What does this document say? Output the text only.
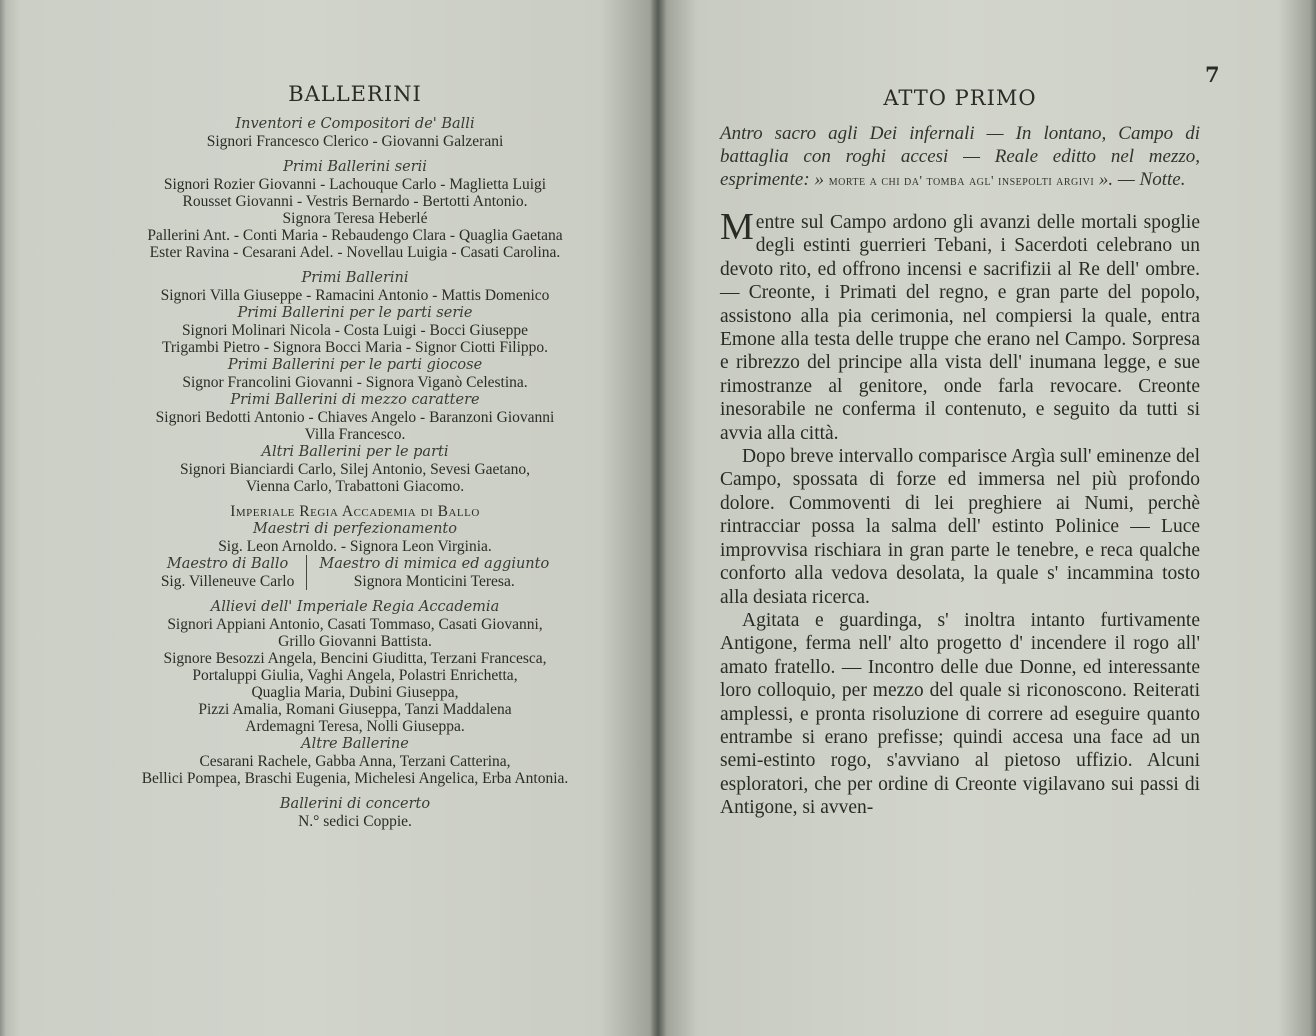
BALLERINI
Inventori e Compositori de' Balli
Signori Francesco Clerico - Giovanni Galzerani
Primi Ballerini serii
Signori Rozier Giovanni - Lachouque Carlo - Maglietta Luigi
Rousset Giovanni - Vestris Bernardo - Bertotti Antonio.
Signora Teresa Heberlé
Pallerini Ant. - Conti Maria - Rebaudengo Clara - Quaglia Gaetana
Ester Ravina - Cesarani Adel. - Novellau Luigia - Casati Carolina.
Primi Ballerini
Signori Villa Giuseppe - Ramacini Antonio - Mattis Domenico
Primi Ballerini per le parti serie
Signori Molinari Nicola - Costa Luigi - Bocci Giuseppe
Trigambi Pietro - Signora Bocci Maria - Signor Ciotti Filippo.
Primi Ballerini per le parti giocose
Signor Francolini Giovanni - Signora Viganò Celestina.
Primi Ballerini di mezzo carattere
Signori Bedotti Antonio - Chiaves Angelo - Baranzoni Giovanni
Villa Francesco.
Altri Ballerini per le parti
Signori Bianciardi Carlo, Silej Antonio, Sevesi Gaetano,
Vienna Carlo, Trabattoni Giacomo.
Imperiale Regia Accademia di Ballo
Maestri di perfezionamento
Sig. Leon Arnoldo. - Signora Leon Virginia.
Maestro di Ballo
Sig. Villeneuve Carlo
Maestro di mimica ed aggiunto
Signora Monticini Teresa.
Allievi dell' Imperiale Regia Accademia
Signori Appiani Antonio, Casati Tommaso, Casati Giovanni,
Grillo Giovanni Battista.
Signore Besozzi Angela, Bencini Giuditta, Terzani Francesca,
Portaluppi Giulia, Vaghi Angela, Polastri Enrichetta,
Quaglia Maria, Dubini Giuseppa,
Pizzi Amalia, Romani Giuseppa, Tanzi Maddalena
Ardemagni Teresa, Nolli Giuseppa.
Altre Ballerine
Cesarani Rachele, Gabba Anna, Terzani Catterina,
Bellici Pompea, Braschi Eugenia, Michelesi Angelica, Erba Antonia.
Ballerini di concerto
N.° sedici Coppie.
7
ATTO PRIMO
Antro sacro agli Dei infernali — In lontano, Campo di battaglia con roghi accesi — Reale editto nel mezzo, esprimente: » morte a chi da' tomba agl' insepolti argivi ». — Notte.

Mentre sul Campo ardono gli avanzi delle mortali spoglie degli estinti guerrieri Tebani, i Sacerdoti celebrano un devoto rito, ed offrono incensi e sacrifizii al Re dell' ombre. — Creonte, i Primati del regno, e gran parte del popolo, assistono alla pia cerimonia, nel compiersi la quale, entra Emone alla testa delle truppe che erano nel Campo. Sorpresa e ribrezzo del principe alla vista dell' inumana legge, e sue rimostranze al genitore, onde farla revocare. Creonte inesorabile ne conferma il contenuto, e seguito da tutti si avvia alla città.

Dopo breve intervallo comparisce Argìa sull' eminenze del Campo, spossata di forze ed immersa nel più profondo dolore. Commoventi di lei preghiere ai Numi, perchè rintracciar possa la salma dell' estinto Polinice — Luce improvvisa rischiara in gran parte le tenebre, e reca qualche conforto alla vedova desolata, la quale s' incammina tosto alla desiata ricerca.

Agitata e guardinga, s' inoltra intanto furtivamente Antigone, ferma nell' alto progetto d' incendere il rogo all' amato fratello. — Incontro delle due Donne, ed interessante loro colloquio, per mezzo del quale si riconoscono. Reiterati amplessi, e pronta risoluzione di correre ad eseguire quanto entrambe si erano prefisse; quindi accesa una face ad un semi-estinto rogo, s'avviano al pietoso uffizio. Alcuni esploratori, che per ordine di Creonte vigilavano sui passi di Antigone, si avven-
